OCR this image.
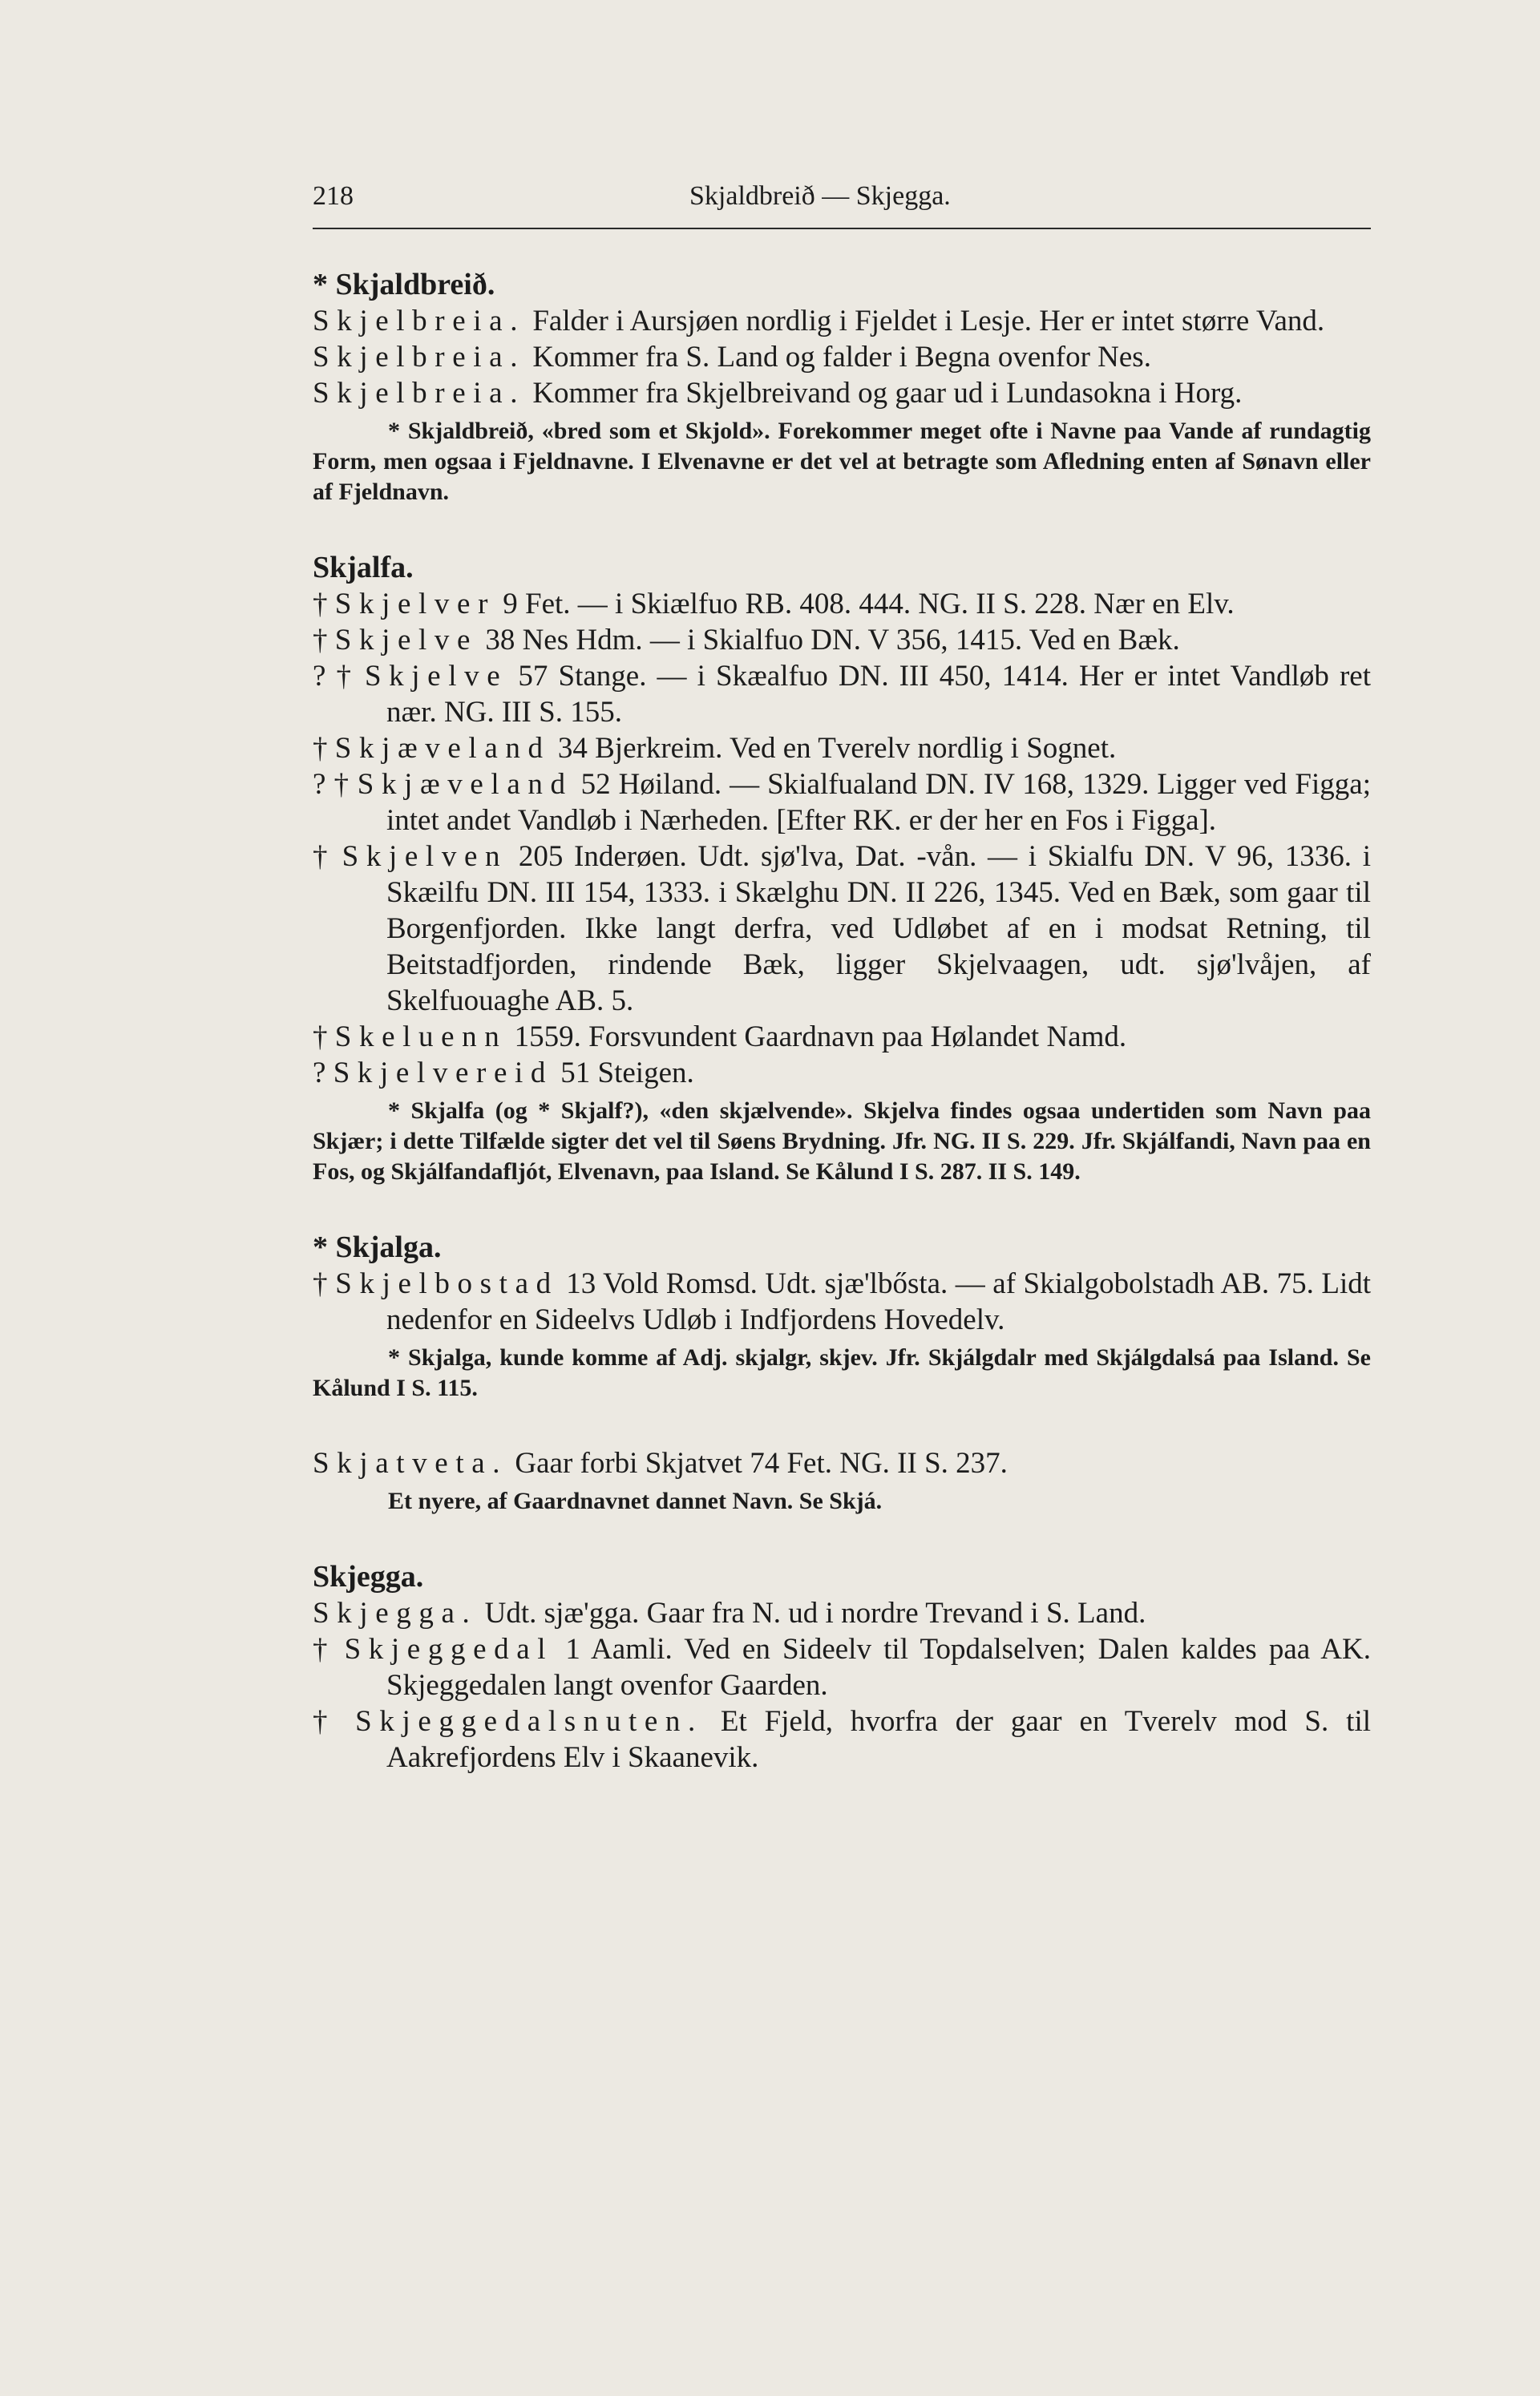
218	Skjaldbreið — Skjegga.
* Skjaldbreið.
Skjelbreia. Falder i Aursjøen nordlig i Fjeldet i Lesje. Her er intet større Vand.
Skjelbreia. Kommer fra S. Land og falder i Begna ovenfor Nes.
Skjelbreia. Kommer fra Skjelbreivand og gaar ud i Lundasokna i Horg.
* Skjaldbreið, «bred som et Skjold». Forekommer meget ofte i Navne paa Vande af rundagtig Form, men ogsaa i Fjeldnavne. I Elvenavne er det vel at betragte som Afledning enten af Sønavn eller af Fjeldnavn.
Skjalfa.
† Skjelver 9 Fet. — i Skiælfuo RB. 408. 444. NG. II S. 228. Nær en Elv.
† Skjelve 38 Nes Hdm. — i Skialfuo DN. V 356, 1415. Ved en Bæk.
? † Skjelve 57 Stange. — i Skæalfuo DN. III 450, 1414. Her er intet Vandløb ret nær. NG. III S. 155.
† Skjæveland 34 Bjerkreim. Ved en Tverelv nordlig i Sognet.
? † Skjæveland 52 Høiland. — Skialfualand DN. IV 168, 1329. Ligger ved Figga; intet andet Vandløb i Nærheden. [Efter RK. er der her en Fos i Figga].
† Skjelven 205 Inderøen. Udt. sjø'lva, Dat. -vån. — i Skialfu DN. V 96, 1336. i Skæilfu DN. III 154, 1333. i Skælghu DN. II 226, 1345. Ved en Bæk, som gaar til Borgenfjorden. Ikke langt derfra, ved Udløbet af en i modsat Retning, til Beitstadfjorden, rindende Bæk, ligger Skjelvaagen, udt. sjø'lvåjen, af Skelfuouaghe AB. 5.
† Skeluenn 1559. Forsvundent Gaardnavn paa Hølandet Namd.
? Skjelvereid 51 Steigen.
* Skjalfa (og * Skjalf?), «den skjælvende». Skjelva findes ogsaa undertiden som Navn paa Skjær; i dette Tilfælde sigter det vel til Søens Brydning. Jfr. NG. II S. 229. Jfr. Skjálfandi, Navn paa en Fos, og Skjálfandafljót, Elvenavn, paa Island. Se Kålund I S. 287. II S. 149.
* Skjalga.
† Skjelbostad 13 Vold Romsd. Udt. sjæ'lbősta. — af Skialgobolstadh AB. 75. Lidt nedenfor en Sideelvs Udløb i Indfjordens Hovedelv.
* Skjalga, kunde komme af Adj. skjalgr, skjev. Jfr. Skjálgdalr med Skjálgdalsá paa Island. Se Kålund I S. 115.
Skjatveta. Gaar forbi Skjatvet 74 Fet. NG. II S. 237.
Et nyere, af Gaardnavnet dannet Navn. Se Skjá.
Skjegga.
Skjegga. Udt. sjæ'gga. Gaar fra N. ud i nordre Trevand i S. Land.
† Skjeggedal 1 Aamli. Ved en Sideelv til Topdalselven; Dalen kaldes paa AK. Skjeggedalen langt ovenfor Gaarden.
† Skjeggedalsnuten. Et Fjeld, hvorfra der gaar en Tverelv mod S. til Aakrefjordens Elv i Skaanevik.
